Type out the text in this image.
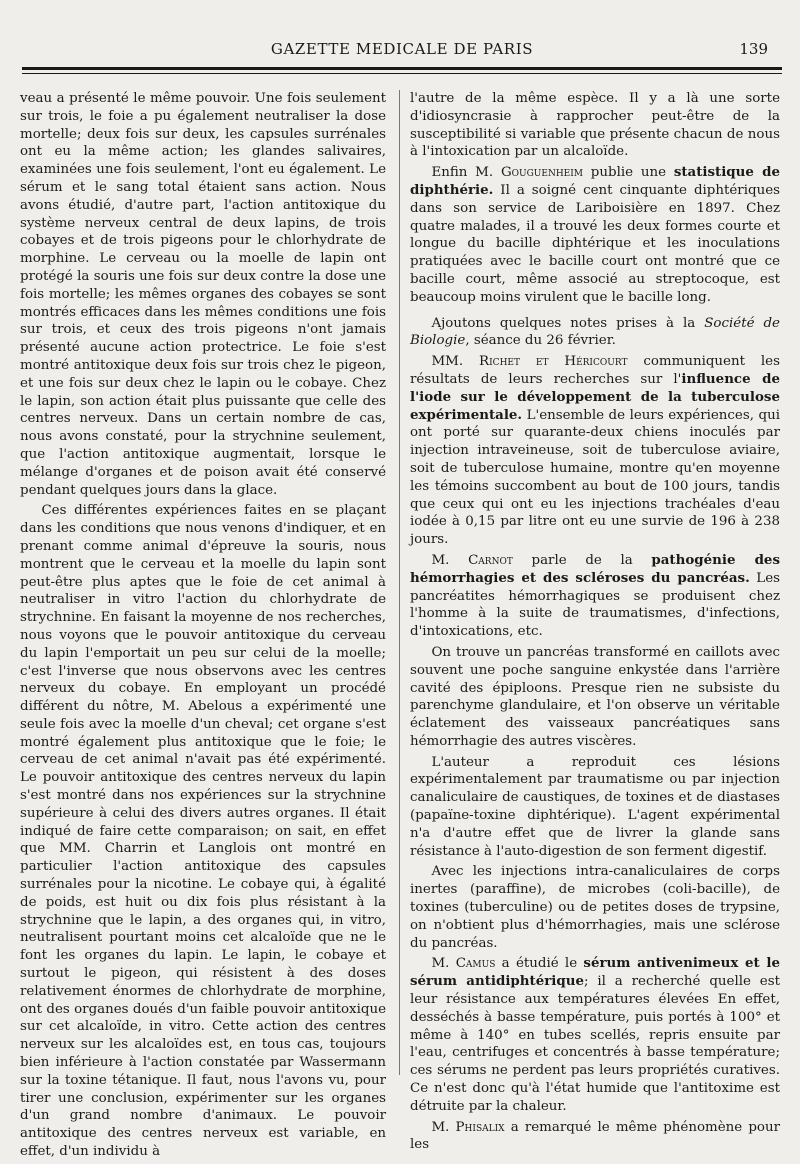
GAZETTE MEDICALE DE PARIS	139

veau a présenté le même pouvoir. Une fois seulement sur trois, le foie a pu également neutraliser la dose mortelle; deux fois sur deux, les capsules surrénales ont eu la même action; les glandes salivaires, examinées une fois seulement, l'ont eu également. Le sérum et le sang total étaient sans action. Nous avons étudié, d'autre part, l'action antitoxique du système nerveux central de deux lapins, de trois cobayes et de trois pigeons pour le chlorhydrate de morphine. Le cerveau ou la moelle de lapin ont protégé la souris une fois sur deux contre la dose une fois mortelle; les mêmes organes des cobayes se sont montrés efficaces dans les mêmes conditions une fois sur trois, et ceux des trois pigeons n'ont jamais présenté aucune action protectrice. Le foie s'est montré antitoxique deux fois sur trois chez le pigeon, et une fois sur deux chez le lapin ou le cobaye. Chez le lapin, son action était plus puissante que celle des centres nerveux. Dans un certain nombre de cas, nous avons constaté, pour la strychnine seulement, que l'action antitoxique augmentait, lorsque le mélange d'organes et de poison avait été conservé pendant quelques jours dans la glace.

Ces différentes expériences faites en se plaçant dans les conditions que nous venons d'indiquer, et en prenant comme animal d'épreuve la souris, nous montrent que le cerveau et la moelle du lapin sont peut-être plus aptes que le foie de cet animal à neutraliser in vitro l'action du chlorhydrate de strychnine. En faisant la moyenne de nos recherches, nous voyons que le pouvoir antitoxique du cerveau du lapin l'emportait un peu sur celui de la moelle; c'est l'inverse que nous observons avec les centres nerveux du cobaye. En employant un procédé différent du nôtre, M. Abelous a expérimenté une seule fois avec la moelle d'un cheval; cet organe s'est montré également plus antitoxique que le foie; le cerveau de cet animal n'avait pas été expérimenté. Le pouvoir antitoxique des centres nerveux du lapin s'est montré dans nos expériences sur la strychnine supérieure à celui des divers autres organes. Il était indiqué de faire cette comparaison; on sait, en effet que MM. Charrin et Langlois ont montré en particulier l'action antitoxique des capsules surrénales pour la nicotine. Le cobaye qui, à égalité de poids, est huit ou dix fois plus résistant à la strychnine que le lapin, a des organes qui, in vitro, neutralisent pourtant moins cet alcaloïde que ne le font les organes du lapin. Le lapin, le cobaye et surtout le pigeon, qui résistent à des doses relativement énormes de chlorhydrate de morphine, ont des organes doués d'un faible pouvoir antitoxique sur cet alcaloïde, in vitro. Cette action des centres nerveux sur les alcaloïdes est, en tous cas, toujours bien inférieure à l'action constatée par Wassermann sur la toxine tétanique. Il faut, nous l'avons vu, pour tirer une conclusion, expérimenter sur les organes d'un grand nombre d'animaux. Le pouvoir antitoxique des centres nerveux est variable, en effet, d'un individu à

l'autre de la même espèce. Il y a là une sorte d'idiosyncrasie à rapprocher peut-être de la susceptibilité si variable que présente chacun de nous à l'intoxication par un alcaloïde.

Enfin M. Gouguenheim publie une statistique de diphthérie. Il a soigné cent cinquante diphtériques dans son service de Lariboisière en 1897. Chez quatre malades, il a trouvé les deux formes courte et longue du bacille diphtérique et les inoculations pratiquées avec le bacille court ont montré que ce bacille court, même associé au streptocoque, est beaucoup moins virulent que le bacille long.

Ajoutons quelques notes prises à la Société de Biologie, séance du 26 février.

MM. Richet et Héricourt communiquent les résultats de leurs recherches sur l'influence de l'iode sur le développement de la tuberculose expérimentale. L'ensemble de leurs expériences, qui ont porté sur quarante-deux chiens inoculés par injection intraveineuse, soit de tuberculose aviaire, soit de tuberculose humaine, montre qu'en moyenne les témoins succombent au bout de 100 jours, tandis que ceux qui ont eu les injections trachéales d'eau iodée à 0,15 par litre ont eu une survie de 196 à 238 jours.

M. Carnot parle de la pathogénie des hémorrhagies et des scléroses du pancréas. Les pancréatites hémorrhagiques se produisent chez l'homme à la suite de traumatismes, d'infections, d'intoxications, etc.

On trouve un pancréas transformé en caillots avec souvent une poche sanguine enkystée dans l'arrière cavité des épiploons. Presque rien ne subsiste du parenchyme glandulaire, et l'on observe un véritable éclatement des vaisseaux pancréatiques sans hémorrhagie des autres viscères.

L'auteur a reproduit ces lésions expérimentalement par traumatisme ou par injection canaliculaire de caustiques, de toxines et de diastases (papaïne-toxine diphtérique). L'agent expérimental n'a d'autre effet que de livrer la glande sans résistance à l'auto-digestion de son ferment digestif.

Avec les injections intra-canaliculaires de corps inertes (paraffine), de microbes (coli-bacille), de toxines (tuberculine) ou de petites doses de trypsine, on n'obtient plus d'hémorrhagies, mais une sclérose du pancréas.

M. Camus a étudié le sérum antivenimeux et le sérum antidiphtérique; il a recherché quelle est leur résistance aux températures élevées En effet, desséchés à basse température, puis portés à 100° et même à 140° en tubes scellés, repris ensuite par l'eau, centrifuges et concentrés à basse température; ces sérums ne perdent pas leurs propriétés curatives. Ce n'est donc qu'à l'état humide que l'antitoxime est détruite par la chaleur.

M. Phisalix a remarqué le même phénomène pour les
